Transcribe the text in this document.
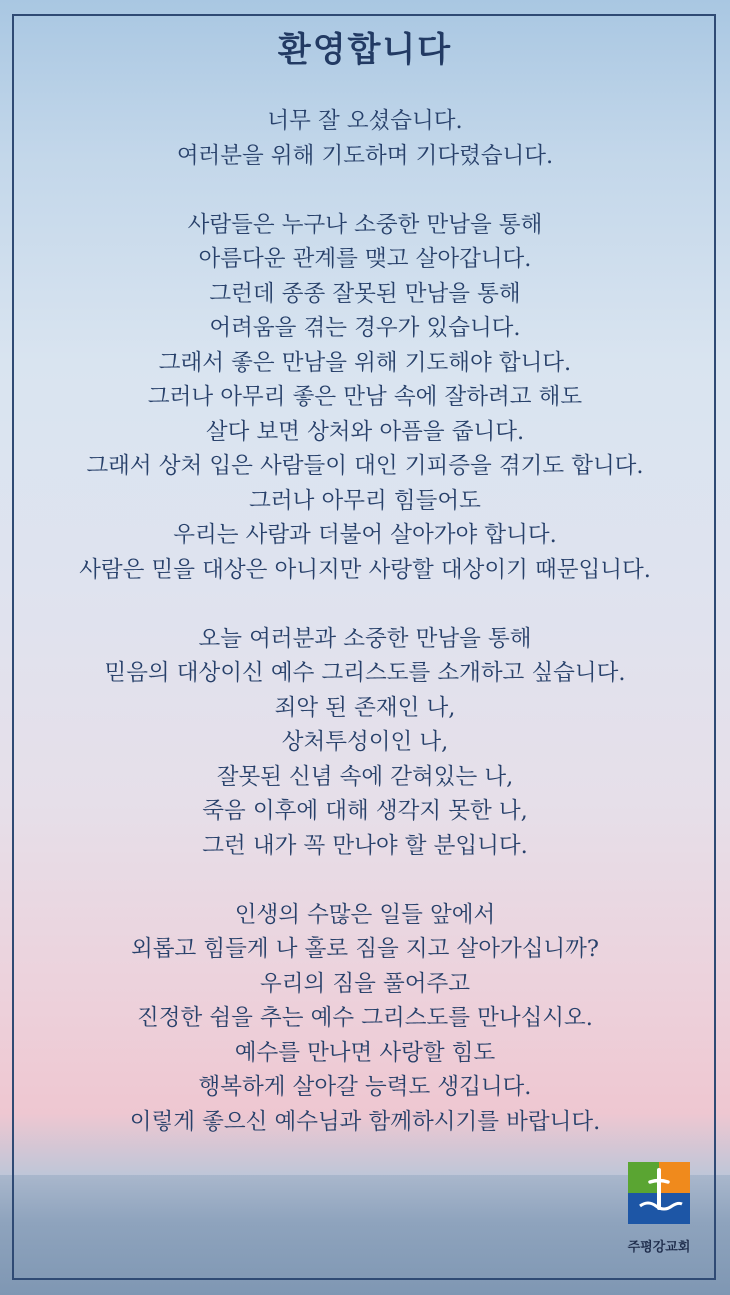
환영합니다
너무 잘 오셨습니다.
여러분을 위해 기도하며 기다렸습니다.
사람들은 누구나 소중한 만남을 통해
아름다운 관계를 맺고 살아갑니다.
그런데 종종 잘못된 만남을 통해
어려움을 겪는 경우가 있습니다.
그래서 좋은 만남을 위해 기도해야 합니다.
그러나 아무리 좋은 만남 속에 잘하려고 해도
살다 보면 상처와 아픔을 줍니다.
그래서 상처 입은 사람들이 대인 기피증을 겪기도 합니다.
그러나 아무리 힘들어도
우리는 사람과 더불어 살아가야 합니다.
사람은 믿을 대상은 아니지만 사랑할 대상이기 때문입니다.
오늘 여러분과 소중한 만남을 통해
믿음의 대상이신 예수 그리스도를 소개하고 싶습니다.
죄악 된 존재인 나,
상처투성이인 나,
잘못된 신념 속에 갇혀있는 나,
죽음 이후에 대해 생각지 못한 나,
그런 내가 꼭 만나야 할 분입니다.
인생의 수많은 일들 앞에서
외롭고 힘들게 나 홀로 짐을 지고 살아가십니까?
우리의 짐을 풀어주고
진정한 쉼을 추는 예수 그리스도를 만나십시오.
예수를 만나면 사랑할 힘도
행복하게 살아갈 능력도 생깁니다.
이렇게 좋으신 예수님과 함께하시기를 바랍니다.
주평강교회
